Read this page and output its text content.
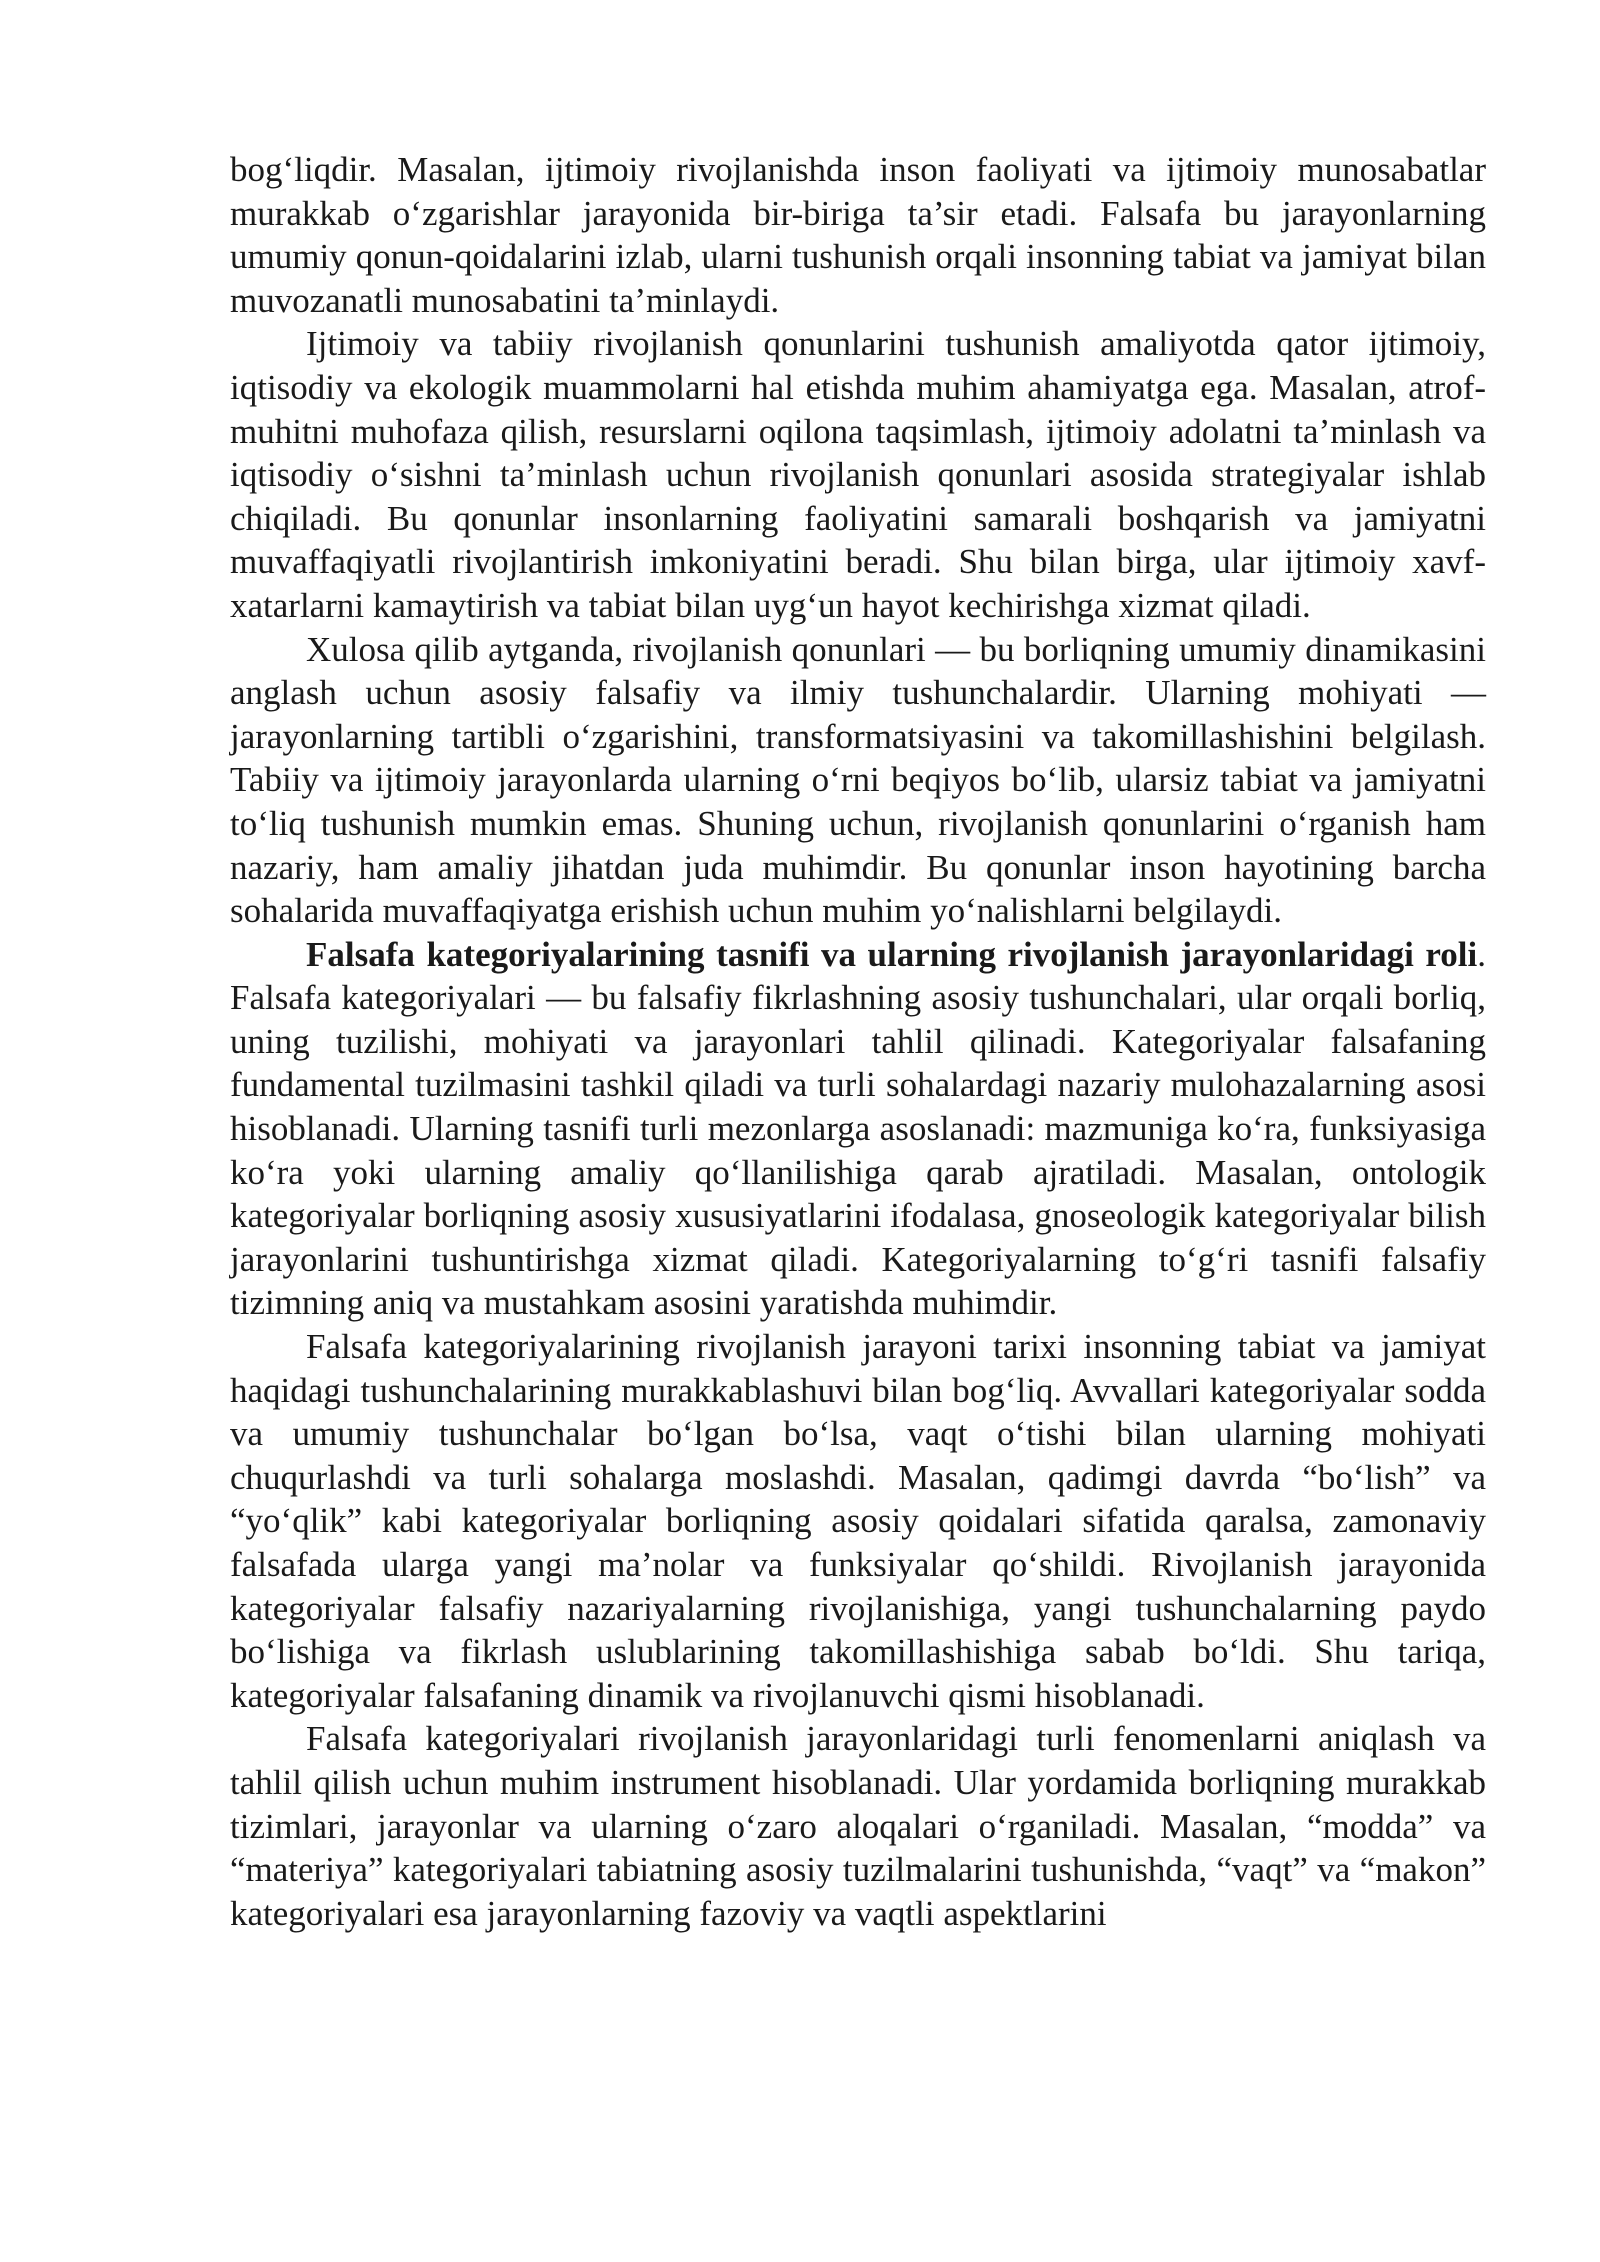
bog‘liqdir. Masalan, ijtimoiy rivojlanishda inson faoliyati va ijtimoiy munosabatlar murakkab o‘zgarishlar jarayonida bir-biriga ta’sir etadi. Falsafa bu jarayonlarning umumiy qonun-qoidalarini izlab, ularni tushunish orqali insonning tabiat va jamiyat bilan muvozanatli munosabatini ta’minlaydi.

Ijtimoiy va tabiiy rivojlanish qonunlarini tushunish amaliyotda qator ijtimoiy, iqtisodiy va ekologik muammolarni hal etishda muhim ahamiyatga ega. Masalan, atrof-muhitni muhofaza qilish, resurslarni oqilona taqsimlash, ijtimoiy adolatni ta’minlash va iqtisodiy o‘sishni ta’minlash uchun rivojlanish qonunlari asosida strategiyalar ishlab chiqiladi. Bu qonunlar insonlarning faoliyatini samarali boshqarish va jamiyatni muvaffaqiyatli rivojlantirish imkoniyatini beradi. Shu bilan birga, ular ijtimoiy xavf-xatarlarni kamaytirish va tabiat bilan uyg‘un hayot kechirishga xizmat qiladi.

Xulosa qilib aytganda, rivojlanish qonunlari — bu borliqning umumiy dinamikasini anglash uchun asosiy falsafiy va ilmiy tushunchalardir. Ularning mohiyati — jarayonlarning tartibli o‘zgarishini, transformatsiyasini va takomillashishini belgilash. Tabiiy va ijtimoiy jarayonlarda ularning o‘rni beqiyos bo‘lib, ularsiz tabiat va jamiyatni to‘liq tushunish mumkin emas. Shuning uchun, rivojlanish qonunlarini o‘rganish ham nazariy, ham amaliy jihatdan juda muhimdir. Bu qonunlar inson hayotining barcha sohalarida muvaffaqiyatga erishish uchun muhim yo‘nalishlarni belgilaydi.

Falsafa kategoriyalarining tasnifi va ularning rivojlanish jarayonlaridagi roli. Falsafa kategoriyalari — bu falsafiy fikrlashning asosiy tushunchalari, ular orqali borliq, uning tuzilishi, mohiyati va jarayonlari tahlil qilinadi. Kategoriyalar falsafaning fundamental tuzilmasini tashkil qiladi va turli sohalardagi nazariy mulohazalarning asosi hisoblanadi. Ularning tasnifi turli mezonlarga asoslanadi: mazmuniga ko‘ra, funksiyasiga ko‘ra yoki ularning amaliy qo‘llanilishiga qarab ajratiladi. Masalan, ontologik kategoriyalar borliqning asosiy xususiyatlarini ifodalasa, gnoseologik kategoriyalar bilish jarayonlarini tushuntirishga xizmat qiladi. Kategoriyalarning to‘g‘ri tasnifi falsafiy tizimning aniq va mustahkam asosini yaratishda muhimdir.

Falsafa kategoriyalarining rivojlanish jarayoni tarixi insonning tabiat va jamiyat haqidagi tushunchalarining murakkablashuvi bilan bog‘liq. Avvallari kategoriyalar sodda va umumiy tushunchalar bo‘lgan bo‘lsa, vaqt o‘tishi bilan ularning mohiyati chuqurlashdi va turli sohalarga moslashdi. Masalan, qadimgi davrda “bo‘lish” va “yo‘qlik” kabi kategoriyalar borliqning asosiy qoidalari sifatida qaralsa, zamonaviy falsafada ularga yangi ma’nolar va funksiyalar qo‘shildi. Rivojlanish jarayonida kategoriyalar falsafiy nazariyalarning rivojlanishiga, yangi tushunchalarning paydo bo‘lishiga va fikrlash uslublarining takomillashishiga sabab bo‘ldi. Shu tariqa, kategoriyalar falsafaning dinamik va rivojlanuvchi qismi hisoblanadi.

Falsafa kategoriyalari rivojlanish jarayonlaridagi turli fenomenlarni aniqlash va tahlil qilish uchun muhim instrument hisoblanadi. Ular yordamida borliqning murakkab tizimlari, jarayonlar va ularning o‘zaro aloqalari o‘rganiladi. Masalan, “modda” va “materiya” kategoriyalari tabiatning asosiy tuzilmalarini tushunishda, “vaqt” va “makon” kategoriyalari esa jarayonlarning fazoviy va vaqtli aspektlarini
